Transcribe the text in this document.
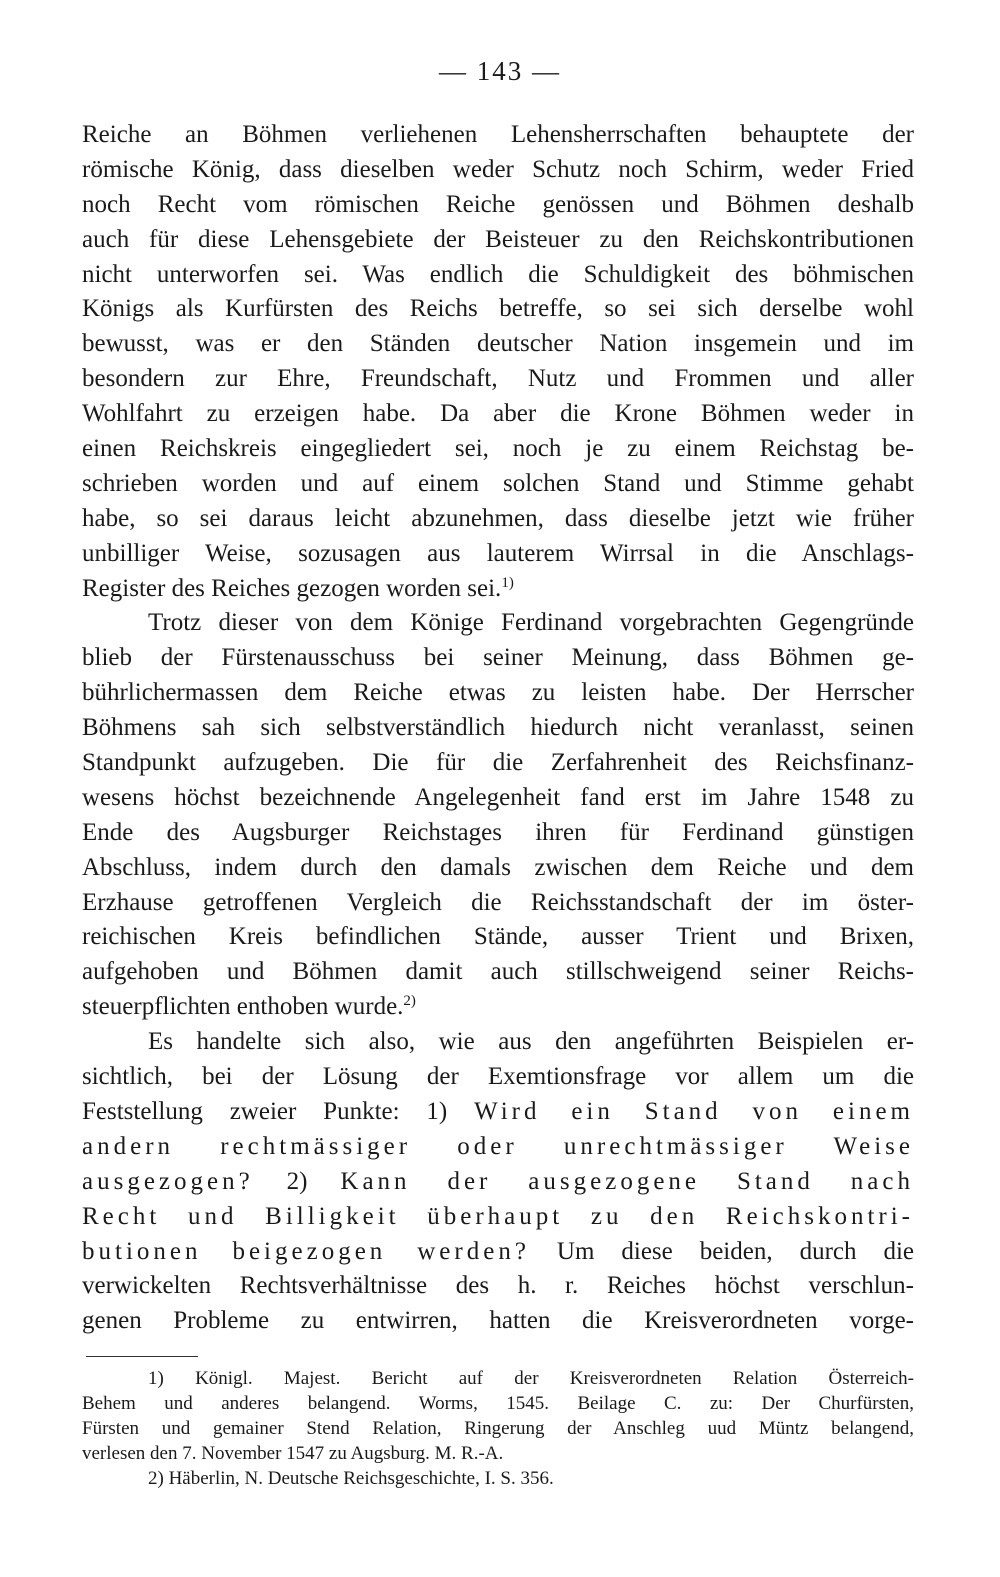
— 143 —
Reiche an Böhmen verliehenen Lehensherrschaften behauptete der
römische König, dass dieselben weder Schutz noch Schirm, weder Fried
noch Recht vom römischen Reiche genössen und Böhmen deshalb
auch für diese Lehensgebiete der Beisteuer zu den Reichskontributionen
nicht unterworfen sei. Was endlich die Schuldigkeit des böhmischen
Königs als Kurfürsten des Reichs betreffe, so sei sich derselbe wohl
bewusst, was er den Ständen deutscher Nation insgemein und im
besondern zur Ehre, Freundschaft, Nutz und Frommen und aller
Wohlfahrt zu erzeigen habe. Da aber die Krone Böhmen weder in
einen Reichskreis eingegliedert sei, noch je zu einem Reichstag be-
schrieben worden und auf einem solchen Stand und Stimme gehabt
habe, so sei daraus leicht abzunehmen, dass dieselbe jetzt wie früher
unbilliger Weise, sozusagen aus lauterem Wirrsal in die Anschlags-
Register des Reiches gezogen worden sei.$^{1)}$
Trotz dieser von dem Könige Ferdinand vorgebrachten Gegengründe
blieb der Fürstenausschuss bei seiner Meinung, dass Böhmen ge-
bührlichermassen dem Reiche etwas zu leisten habe. Der Herrscher
Böhmens sah sich selbstverständlich hiedurch nicht veranlasst, seinen
Standpunkt aufzugeben. Die für die Zerfahrenheit des Reichsfinanz-
wesens höchst bezeichnende Angelegenheit fand erst im Jahre 1548 zu
Ende des Augsburger Reichstages ihren für Ferdinand günstigen
Abschluss, indem durch den damals zwischen dem Reiche und dem
Erzhause getroffenen Vergleich die Reichsstandschaft der im öster-
reichischen Kreis befindlichen Stände, ausser Trient und Brixen,
aufgehoben und Böhmen damit auch stillschweigend seiner Reichs-
steuerpflichten enthoben wurde.$^{2)}$
Es handelte sich also, wie aus den angeführten Beispielen er-
sichtlich, bei der Lösung der Exemtionsfrage vor allem um die
Feststellung zweier Punkte: 1) Wird ein Stand von einem
andern rechtmässiger oder unrechtmässiger Weise
ausgezogen? 2) Kann der ausgezogene Stand nach
Recht und Billigkeit überhaupt zu den Reichskontri-
butionen beigezogen werden? Um diese beiden, durch die
verwickelten Rechtsverhältnisse des h. r. Reiches höchst verschlun-
genen Probleme zu entwirren, hatten die Kreisverordneten vorge-
1) Königl. Majest. Bericht auf der Kreisverordneten Relation Österreich-
Behem und anderes belangend. Worms, 1545. Beilage C. zu: Der Churfürsten,
Fürsten und gemainer Stend Relation, Ringerung der Anschleg uud Müntz belangend,
verlesen den 7. November 1547 zu Augsburg. M. R.-A.
2) Häberlin, N. Deutsche Reichsgeschichte, I. S. 356.
